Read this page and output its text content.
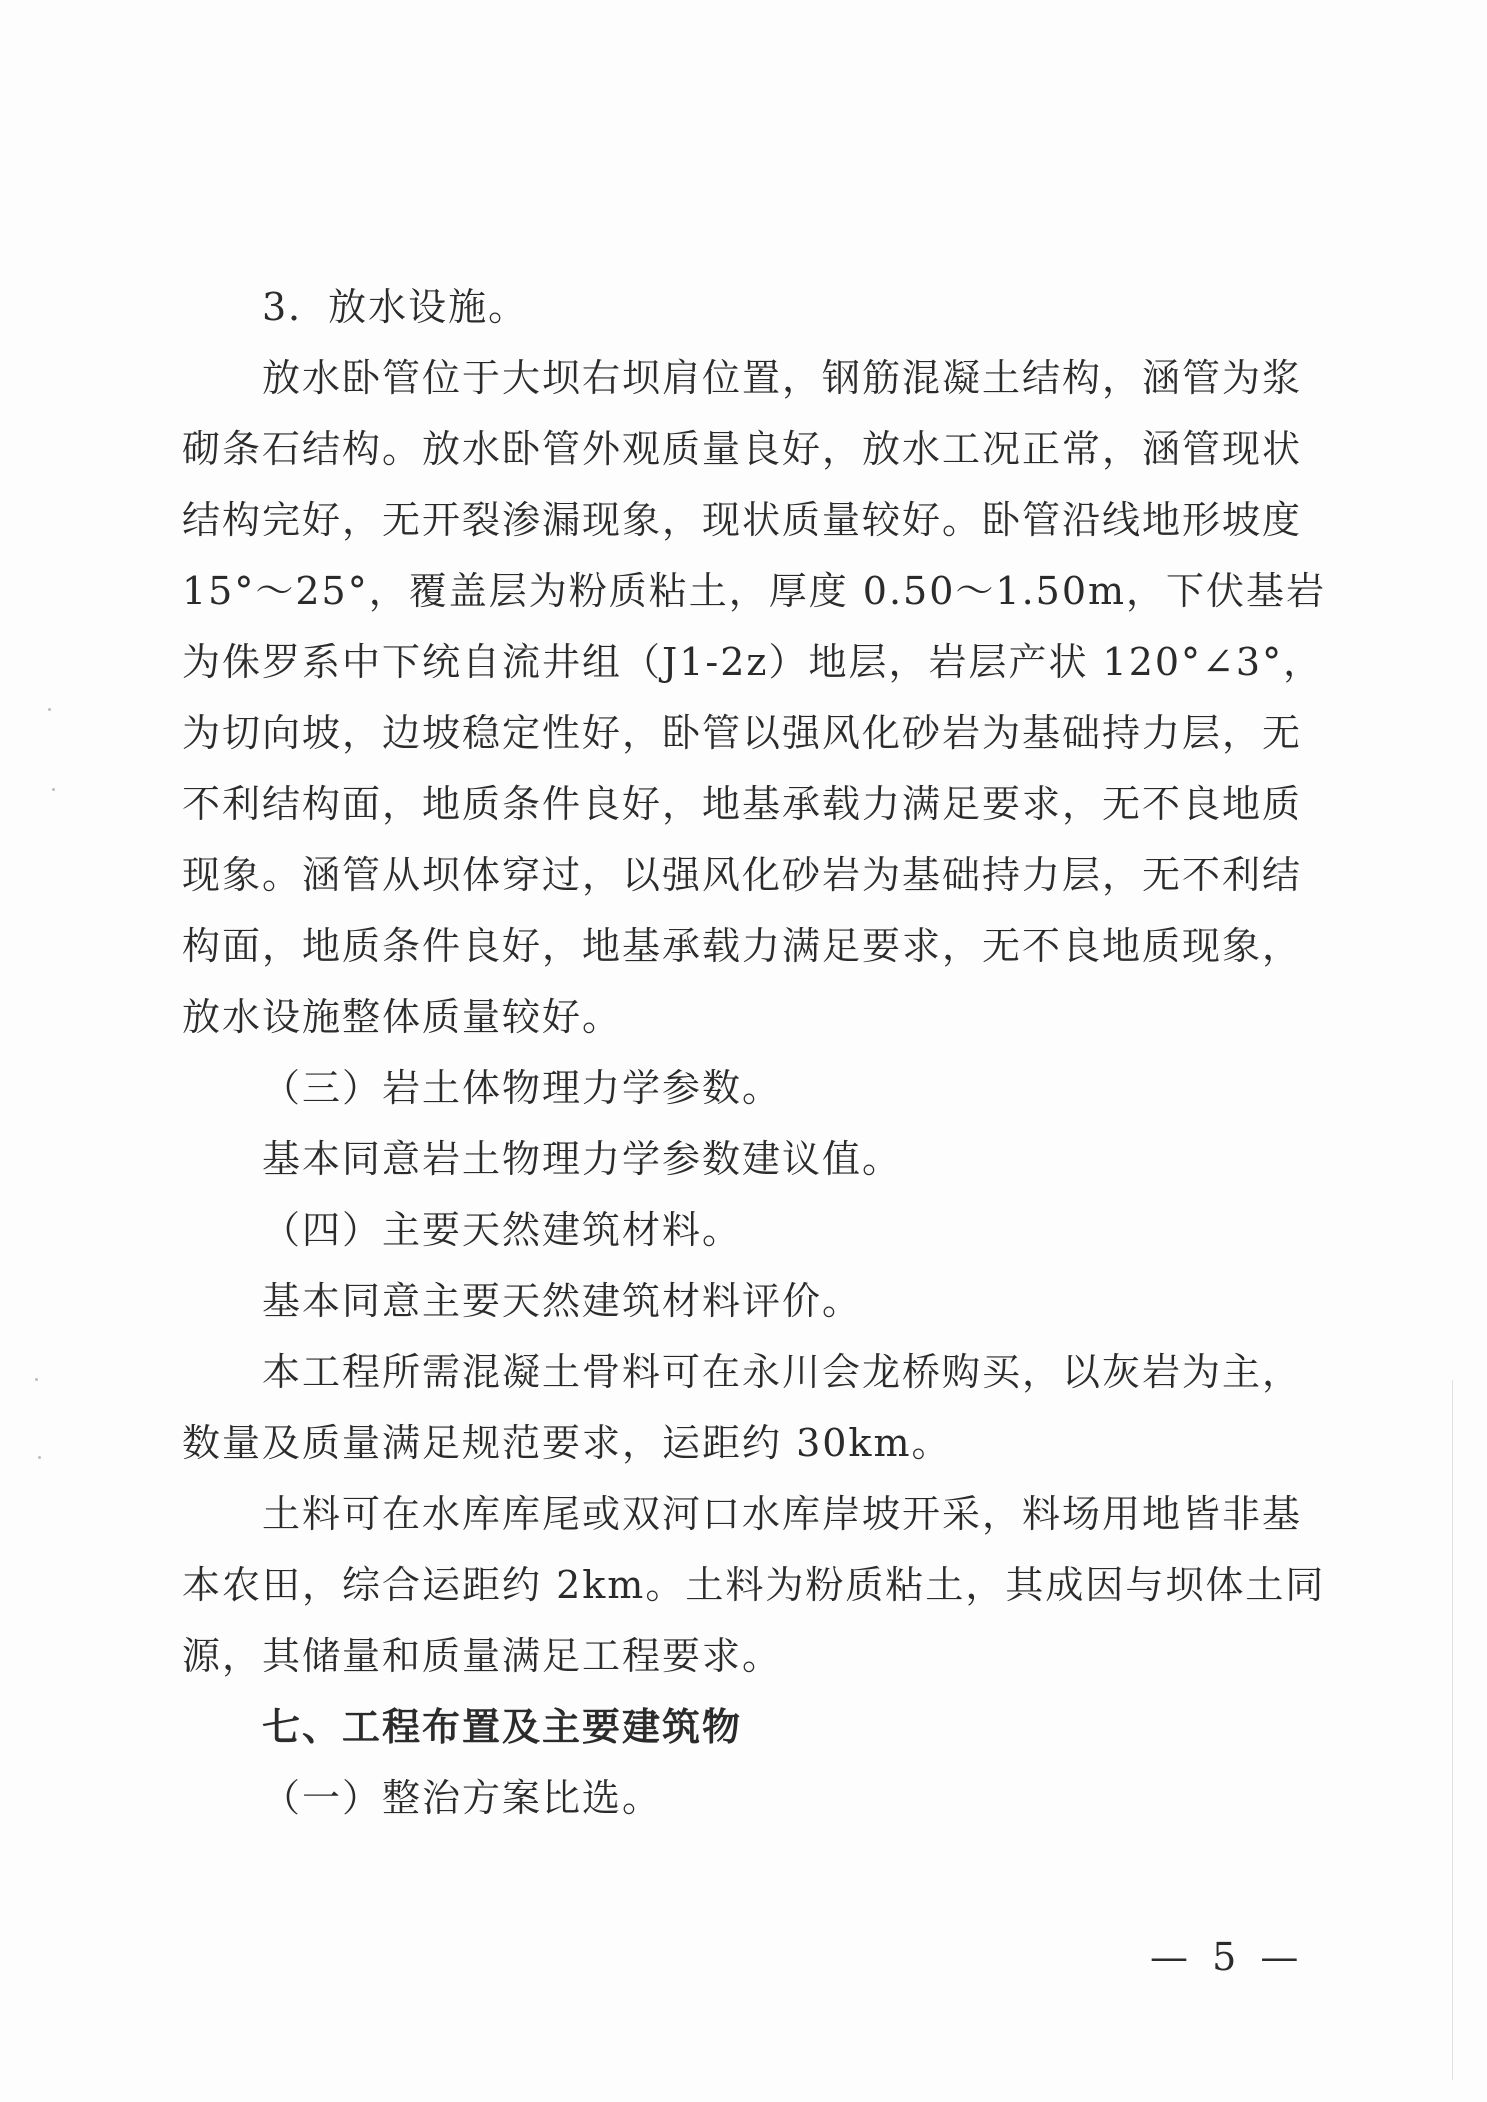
3．放水设施。
放水卧管位于大坝右坝肩位置，钢筋混凝土结构，涵管为浆
砌条石结构。放水卧管外观质量良好，放水工况正常，涵管现状
结构完好，无开裂渗漏现象，现状质量较好。卧管沿线地形坡度
15°～25°，覆盖层为粉质粘土，厚度 0.50～1.50m，下伏基岩
为侏罗系中下统自流井组（J1-2z）地层，岩层产状 120°∠3°，
为切向坡，边坡稳定性好，卧管以强风化砂岩为基础持力层，无
不利结构面，地质条件良好，地基承载力满足要求，无不良地质
现象。涵管从坝体穿过，以强风化砂岩为基础持力层，无不利结
构面，地质条件良好，地基承载力满足要求，无不良地质现象，
放水设施整体质量较好。
（三）岩土体物理力学参数。
基本同意岩土物理力学参数建议值。
（四）主要天然建筑材料。
基本同意主要天然建筑材料评价。
本工程所需混凝土骨料可在永川会龙桥购买，以灰岩为主，
数量及质量满足规范要求，运距约 30km。
土料可在水库库尾或双河口水库岸坡开采，料场用地皆非基
本农田，综合运距约 2km。土料为粉质粘土，其成因与坝体土同
源，其储量和质量满足工程要求。
七、工程布置及主要建筑物
（一）整治方案比选。
— 5 —
